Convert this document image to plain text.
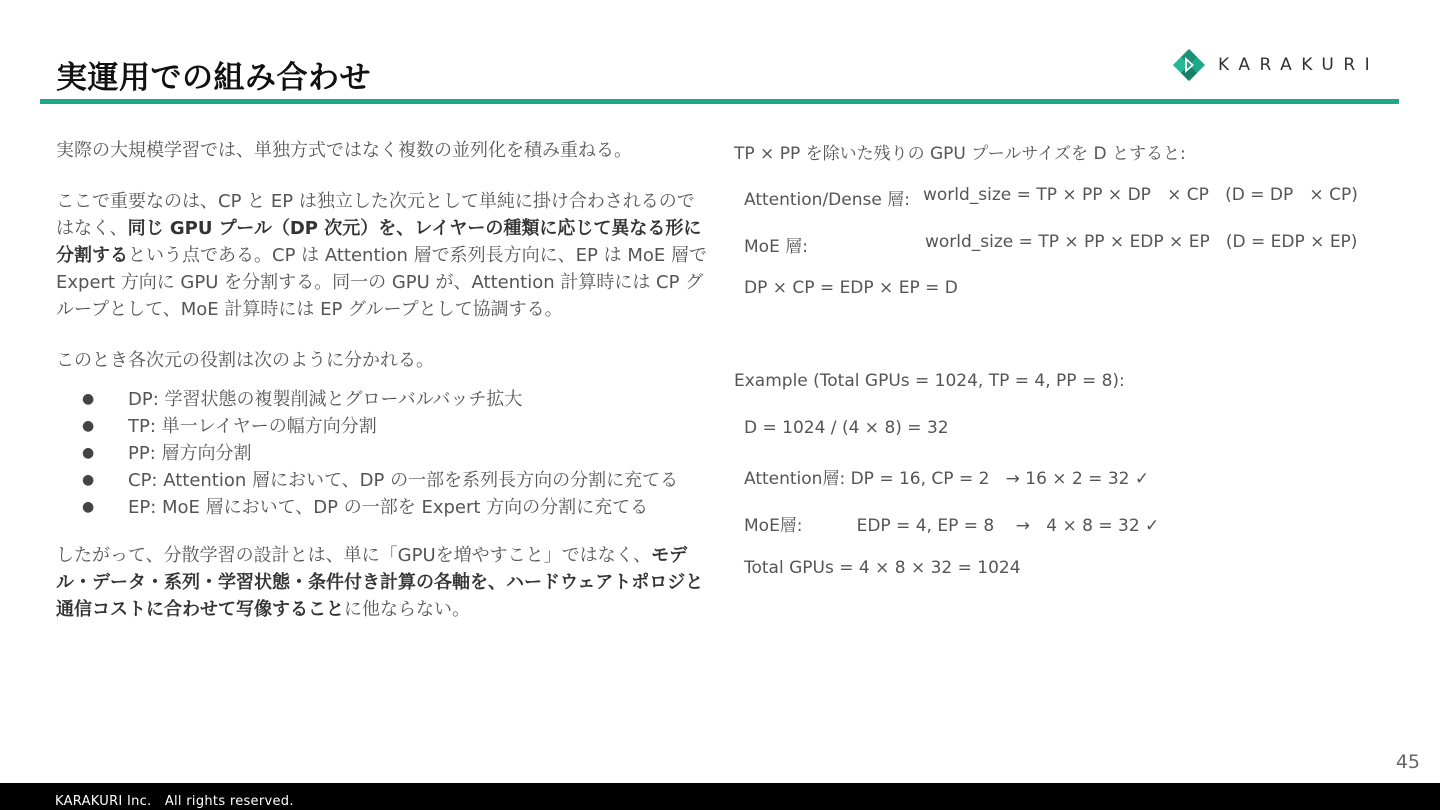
実運用での組み合わせ	KARAKURI

実際の大規模学習では、単独方式ではなく複数の並列化を積み重ねる。

ここで重要なのは、CP と EP は独立した次元として単純に掛け合わされるのではなく、同じ GPU プール（DP 次元）を、レイヤーの種類に応じて異なる形に分割するという点である。CP は Attention 層で系列長方向に、EP は MoE 層で Expert 方向に GPU を分割する。同一の GPU が、Attention 計算時には CP グループとして、MoE 計算時には EP グループとして協調する。

このとき各次元の役割は次のように分かれる。

● DP: 学習状態の複製削減とグローバルバッチ拡大
● TP: 単一レイヤーの幅方向分割
● PP: 層方向分割
● CP: Attention 層において、DP の一部を系列長方向の分割に充てる
● EP: MoE 層において、DP の一部を Expert 方向の分割に充てる

したがって、分散学習の設計とは、単に「GPUを増やすこと」ではなく、モデル・データ・系列・学習状態・条件付き計算の各軸を、ハードウェアトポロジと通信コストに合わせて写像することに他ならない。

TP × PP を除いた残りの GPU プールサイズを D とすると:
Attention/Dense 層: world_size = TP × PP × DP   × CP   (D = DP   × CP)
MoE 層:	world_size = TP × PP × EDP × EP   (D = EDP × EP)
DP × CP = EDP × EP = D
Example (Total GPUs = 1024, TP = 4, PP = 8):
D = 1024 / (4 × 8) = 32
Attention層: DP = 16, CP = 2   → 16 × 2 = 32 ✓
MoE層:          EDP = 4, EP = 8    →   4 × 8 = 32 ✓
Total GPUs = 4 × 8 × 32 = 1024
45
KARAKURI Inc.　All rights reserved.
